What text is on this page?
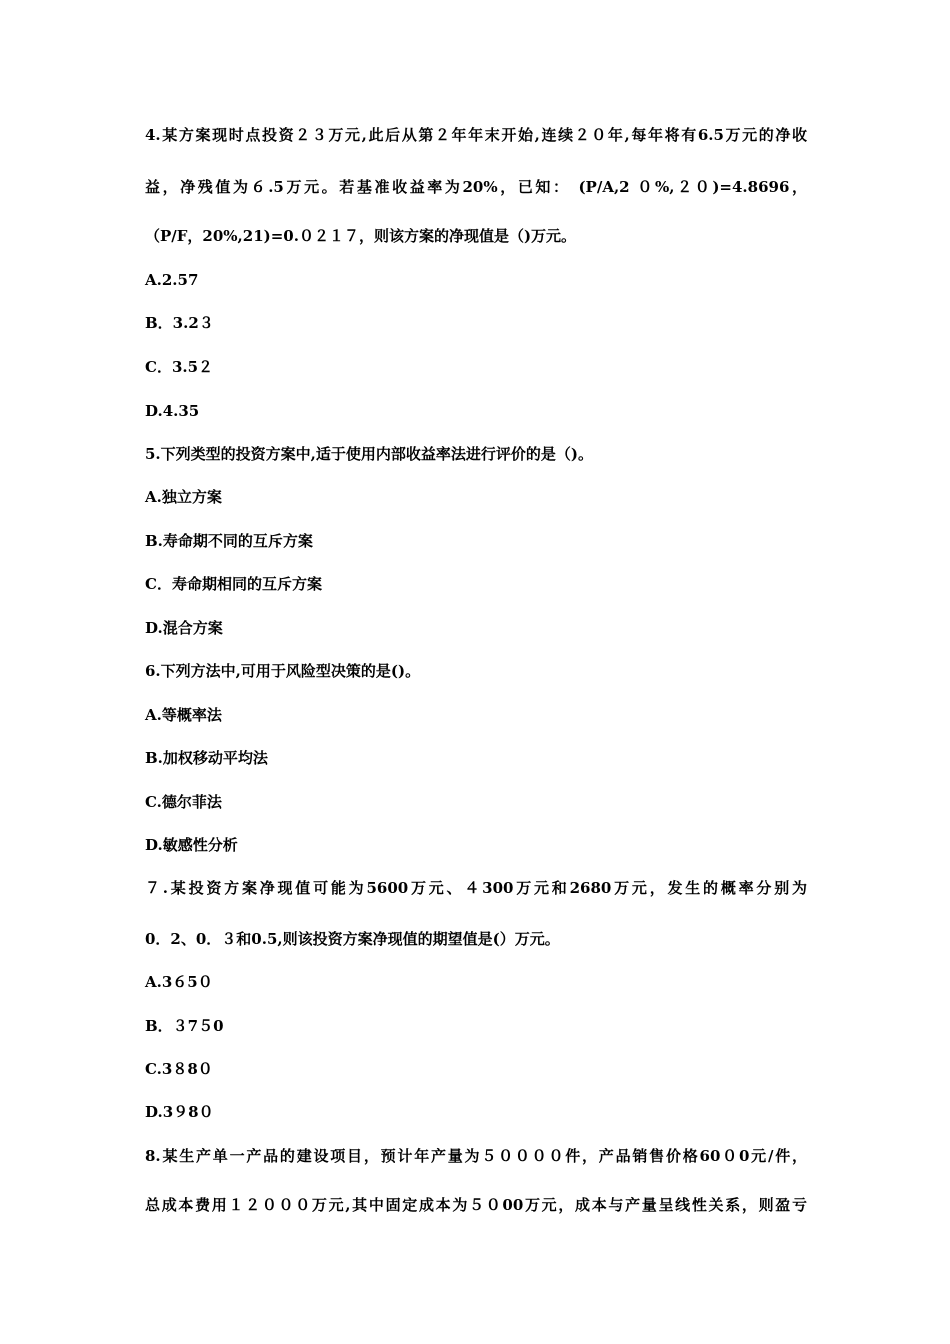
4.某方案现时点投资２３万元,此后从第２年年末开始,连续２０年,每年将有6.5万元的净收
益，净残值为６.5万元。若基准收益率为20%，已知： (P/A,2 ０%,２０)=4.8696，
（P/F，20%,21)=0.０２１７，则该方案的净现值是（)万元。
A.2.57
B．3.2３
C．3.5２
D.4.35
5.下列类型的投资方案中,适于使用内部收益率法进行评价的是（)。
A.独立方案
B.寿命期不同的互斥方案
C．寿命期相同的互斥方案
D.混合方案
6.下列方法中,可用于风险型决策的是()。
A.等概率法
B.加权移动平均法
C.德尔菲法
D.敏感性分析
７.某投资方案净现值可能为5600万元、４300万元和2680万元，发生的概率分别为
0．2、0．３和0.5,则该投资方案净现值的期望值是(）万元。
A.3６5０
B．３7５0
C.3８8０
D.3９8０
8.某生产单一产品的建设项目，预计年产量为５００００件，产品销售价格60０0元/件，
总成本费用１２０００万元,其中固定成本为５０00万元，成本与产量呈线性关系，则盈亏
